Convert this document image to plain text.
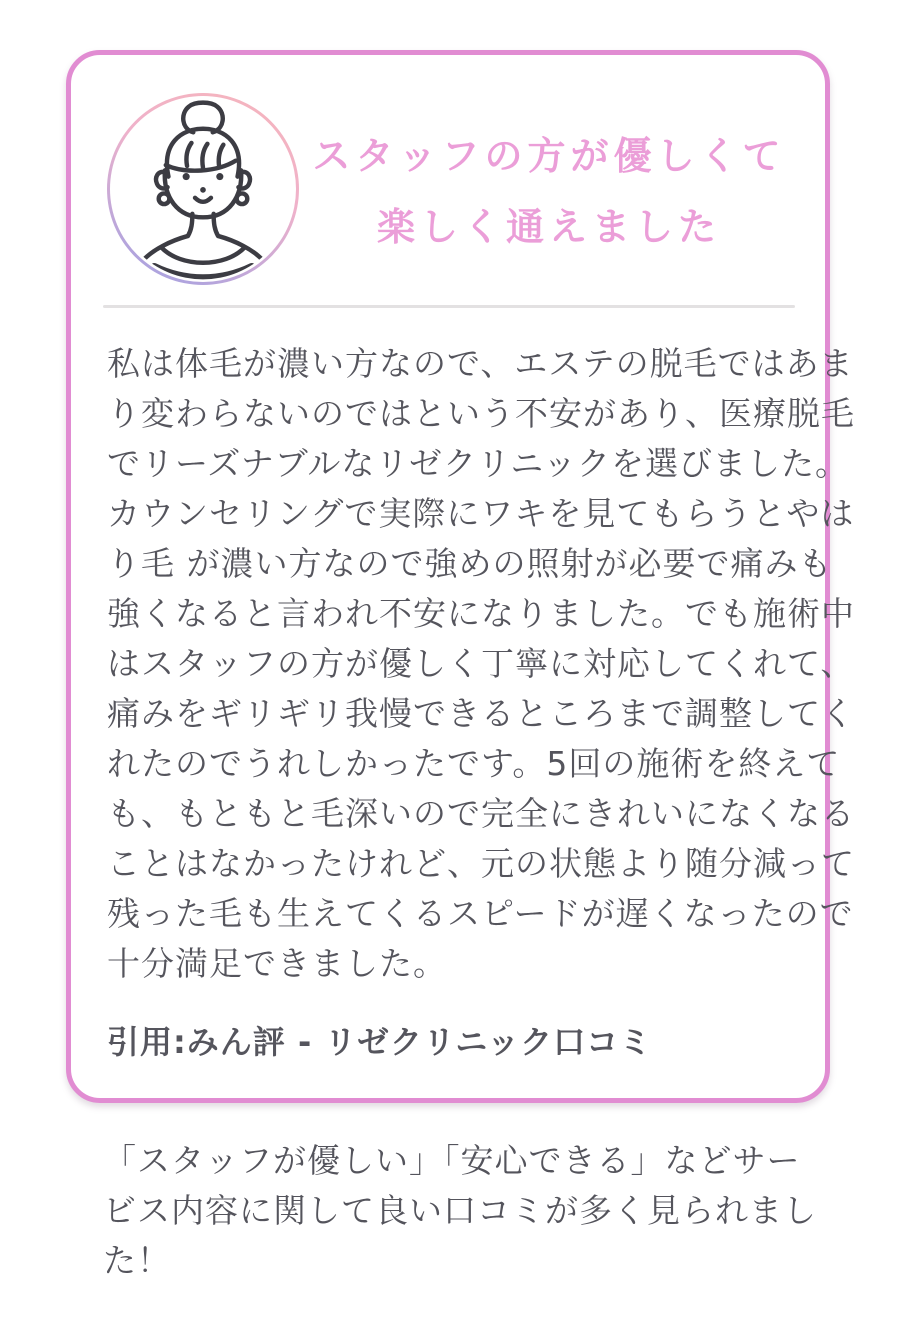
スタッフの方が優しくて
楽しく通えました
私は体毛が濃い方なので、エステの脱毛ではあま
り変わらないのではという不安があり、医療脱毛
でリーズナブルなリゼクリニックを選びました。
カウンセリングで実際にワキを見てもらうとやは
り毛 が濃い方なので強めの照射が必要で痛みも
強くなると言われ不安になりました。でも施術中
はスタッフの方が優しく丁寧に対応してくれて、
痛みをギリギリ我慢できるところまで調整してく
れたのでうれしかったです。5回の施術を終えて
も、もともと毛深いので完全にきれいになくなる
ことはなかったけれど、元の状態より随分減って
残った毛も生えてくるスピードが遅くなったので
十分満足できました。
引用:みん評 - リゼクリニック口コミ
「スタッフが優しい」「安心できる」などサー
ビス内容に関して良い口コミが多く見られまし
た！
